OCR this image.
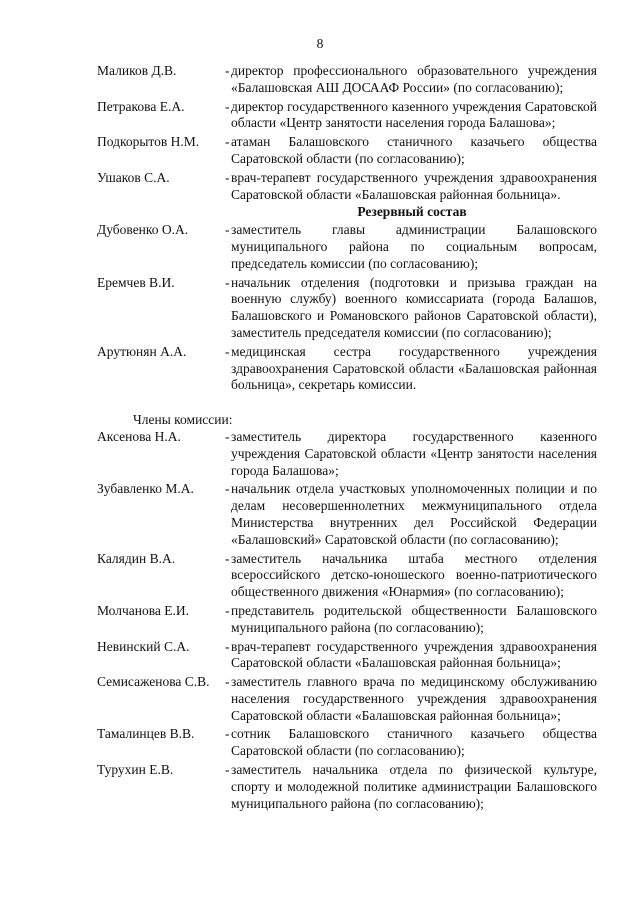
8
Маликов Д.В.	- директор профессионального образовательного учреждения «Балашовская АШ ДОСААФ России» (по согласованию);
Петракова Е.А.	- директор государственного казенного учреждения Саратовской области «Центр занятости населения города Балашова»;
Подкорытов Н.М.	- атаман Балашовского станичного казачьего общества Саратовской области (по согласованию);
Ушаков С.А.	- врач-терапевт государственного учреждения здравоохранения Саратовской области «Балашовская районная больница».
Резервный состав
Дубовенко О.А.	- заместитель главы администрации Балашовского муниципального района по социальным вопросам, председатель комиссии (по согласованию);
Еремчев В.И.	- начальник отделения (подготовки и призыва граждан на военную службу) военного комиссариата (города Балашов, Балашовского и Романовского районов Саратовской области), заместитель председателя комиссии (по согласованию);
Арутюнян А.А.	- медицинская сестра государственного учреждения здравоохранения Саратовской области «Балашовская районная больница», секретарь комиссии.
Члены комиссии:
Аксенова Н.А.	- заместитель директора государственного казенного учреждения Саратовской области «Центр занятости населения города Балашова»;
Зубавленко М.А.	- начальник отдела участковых уполномоченных полиции и по делам несовершеннолетних межмуниципального отдела Министерства внутренних дел Российской Федерации «Балашовский» Саратовской области (по согласованию);
Калядин В.А.	- заместитель начальника штаба местного отделения всероссийского детско-юношеского военно-патриотического общественного движения «Юнармия» (по согласованию);
Молчанова Е.И.	- представитель родительской общественности Балашовского муниципального района (по согласованию);
Невинский С.А.	- врач-терапевт государственного учреждения здравоохранения Саратовской области «Балашовская районная больница»;
Семисаженова С.В.	- заместитель главного врача по медицинскому обслуживанию населения государственного учреждения здравоохранения Саратовской области «Балашовская районная больница»;
Тамалинцев В.В.	- сотник Балашовского станичного казачьего общества Саратовской области (по согласованию);
Турухин Е.В.	- заместитель начальника отдела по физической культуре, спорту и молодежной политике администрации Балашовского муниципального района (по согласованию);
